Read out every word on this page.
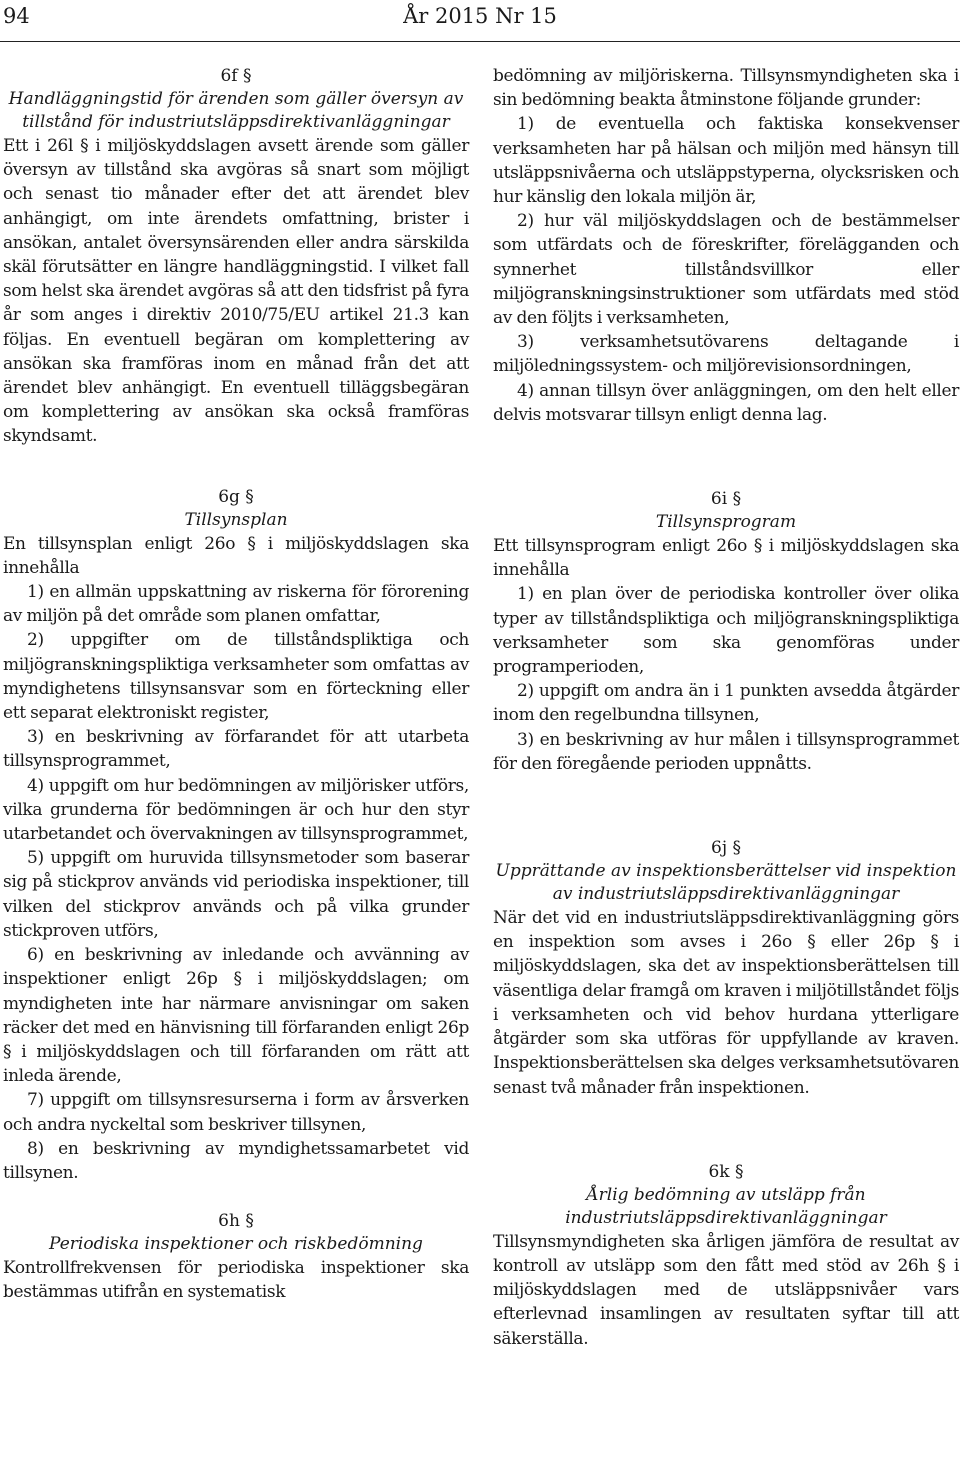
94	År 2015 Nr 15

6f §

Handläggningstid för ärenden som gäller översyn av tillstånd för industriutsläppsdirektivanläggningar

Ett i 26l § i miljöskyddslagen avsett ärende som gäller översyn av tillstånd ska avgöras så snart som möjligt och senast tio månader efter det att ärendet blev anhängigt, om inte ärendets omfattning, brister i ansökan, antalet översynsärenden eller andra särskilda skäl förutsätter en längre handläggningstid. I vilket fall som helst ska ärendet avgöras så att den tidsfrist på fyra år som anges i direktiv 2010/75/EU artikel 21.3 kan följas. En eventuell begäran om komplettering av ansökan ska framföras inom en månad från det att ärendet blev anhängigt. En eventuell tilläggsbegäran om komplettering av ansökan ska också framföras skyndsamt.

6g §

Tillsynsplan

En tillsynsplan enligt 26o § i miljöskyddslagen ska innehålla

1) en allmän uppskattning av riskerna för förorening av miljön på det område som planen omfattar,

2) uppgifter om de tillståndspliktiga och miljögranskningspliktiga verksamheter som omfattas av myndighetens tillsynsansvar som en förteckning eller ett separat elektroniskt register,

3) en beskrivning av förfarandet för att utarbeta tillsynsprogrammet,

4) uppgift om hur bedömningen av miljörisker utförs, vilka grunderna för bedömningen är och hur den styr utarbetandet och övervakningen av tillsynsprogrammet,

5) uppgift om huruvida tillsynsmetoder som baserar sig på stickprov används vid periodiska inspektioner, till vilken del stickprov används och på vilka grunder stickproven utförs,

6) en beskrivning av inledande och avvänning av inspektioner enligt 26p § i miljöskyddslagen; om myndigheten inte har närmare anvisningar om saken räcker det med en hänvisning till förfaranden enligt 26p § i miljöskyddslagen och till förfaranden om rätt att inleda ärende,

7) uppgift om tillsynsresurserna i form av årsverken och andra nyckeltal som beskriver tillsynen,

8) en beskrivning av myndighetssamarbetet vid tillsynen.

6h §

Periodiska inspektioner och riskbedömning

Kontrollfrekvensen för periodiska inspektioner ska bestämmas utifrån en systematisk

bedömning av miljöriskerna. Tillsynsmyndigheten ska i sin bedömning beakta åtminstone följande grunder:

1) de eventuella och faktiska konsekvenser verksamheten har på hälsan och miljön med hänsyn till utsläppsnivåerna och utsläppstyperna, olycksrisken och hur känslig den lokala miljön är,

2) hur väl miljöskyddslagen och de bestämmelser som utfärdats och de föreskrifter, förelägganden och synnerhet tillståndsvillkor eller miljögranskningsinstruktioner som utfärdats med stöd av den följts i verksamheten,

3) verksamhetsutövarens deltagande i miljöledningssystem- och miljörevisionsordningen,

4) annan tillsyn över anläggningen, om den helt eller delvis motsvarar tillsyn enligt denna lag.

6i §

Tillsynsprogram

Ett tillsynsprogram enligt 26o § i miljöskyddslagen ska innehålla

1) en plan över de periodiska kontroller över olika typer av tillståndspliktiga och miljögranskningspliktiga verksamheter som ska genomföras under programperioden,

2) uppgift om andra än i 1 punkten avsedda åtgärder inom den regelbundna tillsynen,

3) en beskrivning av hur målen i tillsynsprogrammet för den föregående perioden uppnåtts.

6j §

Upprättande av inspektionsberättelser vid inspektion av industriutsläppsdirektivanläggningar

När det vid en industriutsläppsdirektivanläggning görs en inspektion som avses i 26o § eller 26p § i miljöskyddslagen, ska det av inspektionsberättelsen till väsentliga delar framgå om kraven i miljötillståndet följs i verksamheten och vid behov hurdana ytterligare åtgärder som ska utföras för uppfyllande av kraven. Inspektionsberättelsen ska delges verksamhetsutövaren senast två månader från inspektionen.

6k §

Årlig bedömning av utsläpp från industriutsläppsdirektivanläggningar

Tillsynsmyndigheten ska årligen jämföra de resultat av kontroll av utsläpp som den fått med stöd av 26h § i miljöskyddslagen med de utsläppsnivåer vars efterlevnad insamlingen av resultaten syftar till att säkerställa.
